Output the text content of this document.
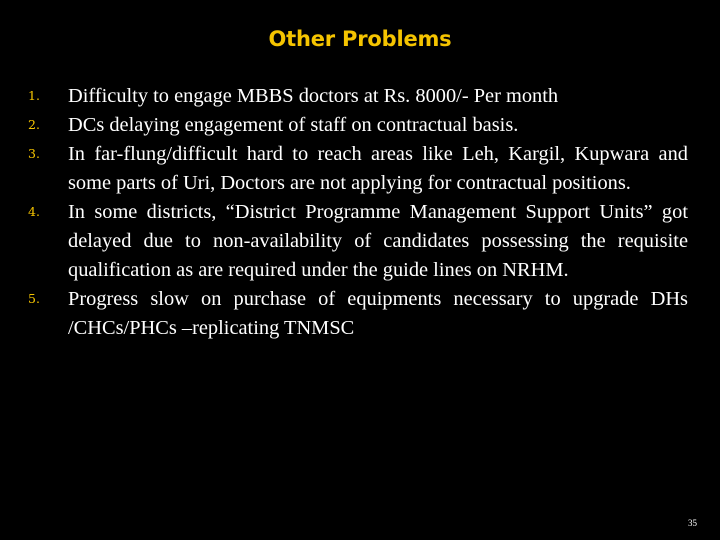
Other Problems
1. Difficulty to engage MBBS doctors at Rs. 8000/- Per month
2. DCs delaying engagement of staff on contractual basis.
3. In far-flung/difficult hard to reach areas like Leh, Kargil, Kupwara and some parts of Uri, Doctors are not applying for contractual positions.
4. In some districts, “District Programme Management Support Units” got delayed due to non-availability of candidates possessing the requisite qualification as are required under the guide lines on NRHM.
5. Progress slow on purchase of equipments necessary to upgrade DHs /CHCs/PHCs –replicating TNMSC
35
